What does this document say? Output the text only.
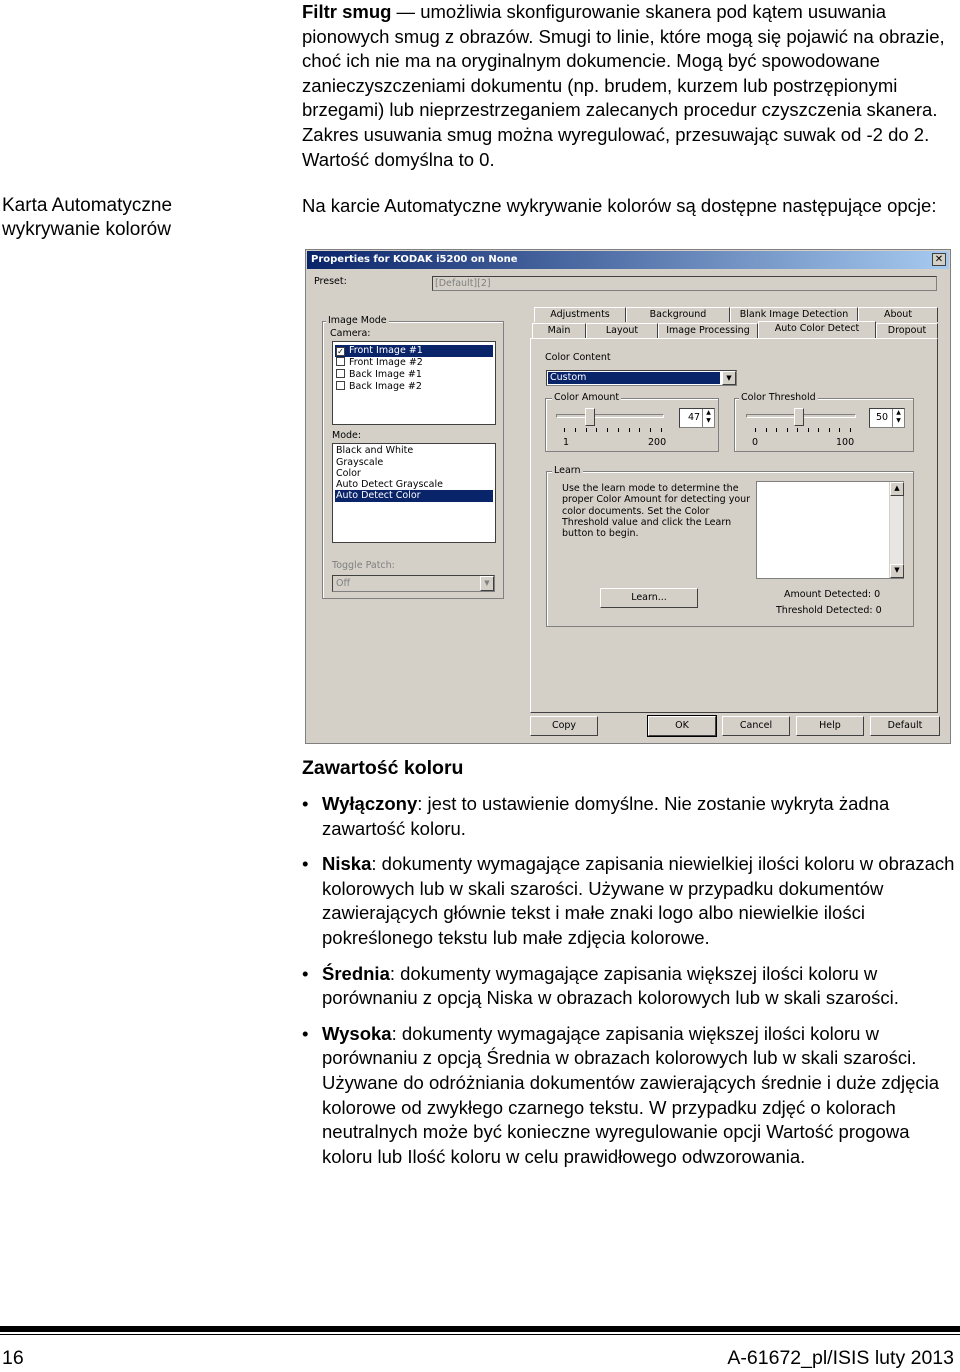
Filtr smug — umożliwia skonfigurowanie skanera pod kątem usuwania pionowych smug z obrazów. Smugi to linie, które mogą się pojawić na obrazie, choć ich nie ma na oryginalnym dokumencie. Mogą być spowodowane zanieczyszczeniami dokumentu (np. brudem, kurzem lub postrzępionymi brzegami) lub nieprzestrzeganiem zalecanych procedur czyszczenia skanera. Zakres usuwania smug można wyregulować, przesuwając suwak od -2 do 2. Wartość domyślna to 0.
Karta Automatyczne wykrywanie kolorów
Na karcie Automatyczne wykrywanie kolorów są dostępne następujące opcje:
Properties for KODAK i5200 on None	✕
Preset:	[Default][2]
Image Mode
Camera:
✓ Front Image #1
Front Image #2
Back Image #1
Back Image #2
Mode:
Black and White
Grayscale
Color
Auto Detect Grayscale
Auto Detect Color
Toggle Patch:
Off	▼
Adjustments	Background	Blank Image Detection	About
Main	Layout	Image Processing	Auto Color Detect	Dropout
Color Content
Custom	▼
Color Amount
47	▲
▼
1	200
Color Threshold
50	▲
▼
0	100
Learn
Use the learn mode to determine the proper Color Amount for detecting your color documents. Set the Color Threshold value and click the Learn button to begin.
▲
▼
Learn...	Amount Detected: 0
Threshold Detected: 0
Copy	OK	Cancel	Help	Default
Zawartość koloru
• Wyłączony: jest to ustawienie domyślne. Nie zostanie wykryta żadna zawartość koloru.
• Niska: dokumenty wymagające zapisania niewielkiej ilości koloru w obrazach kolorowych lub w skali szarości. Używane w przypadku dokumentów zawierających głównie tekst i małe znaki logo albo niewielkie ilości pokreślonego tekstu lub małe zdjęcia kolorowe.
• Średnia: dokumenty wymagające zapisania większej ilości koloru w porównaniu z opcją Niska w obrazach kolorowych lub w skali szarości.
• Wysoka: dokumenty wymagające zapisania większej ilości koloru w porównaniu z opcją Średnia w obrazach kolorowych lub w skali szarości. Używane do odróżniania dokumentów zawierających średnie i duże zdjęcia kolorowe od zwykłego czarnego tekstu. W przypadku zdjęć o kolorach neutralnych może być konieczne wyregulowanie opcji Wartość progowa koloru lub Ilość koloru w celu prawidłowego odwzorowania.
16	A-61672_pl/ISIS luty 2013
